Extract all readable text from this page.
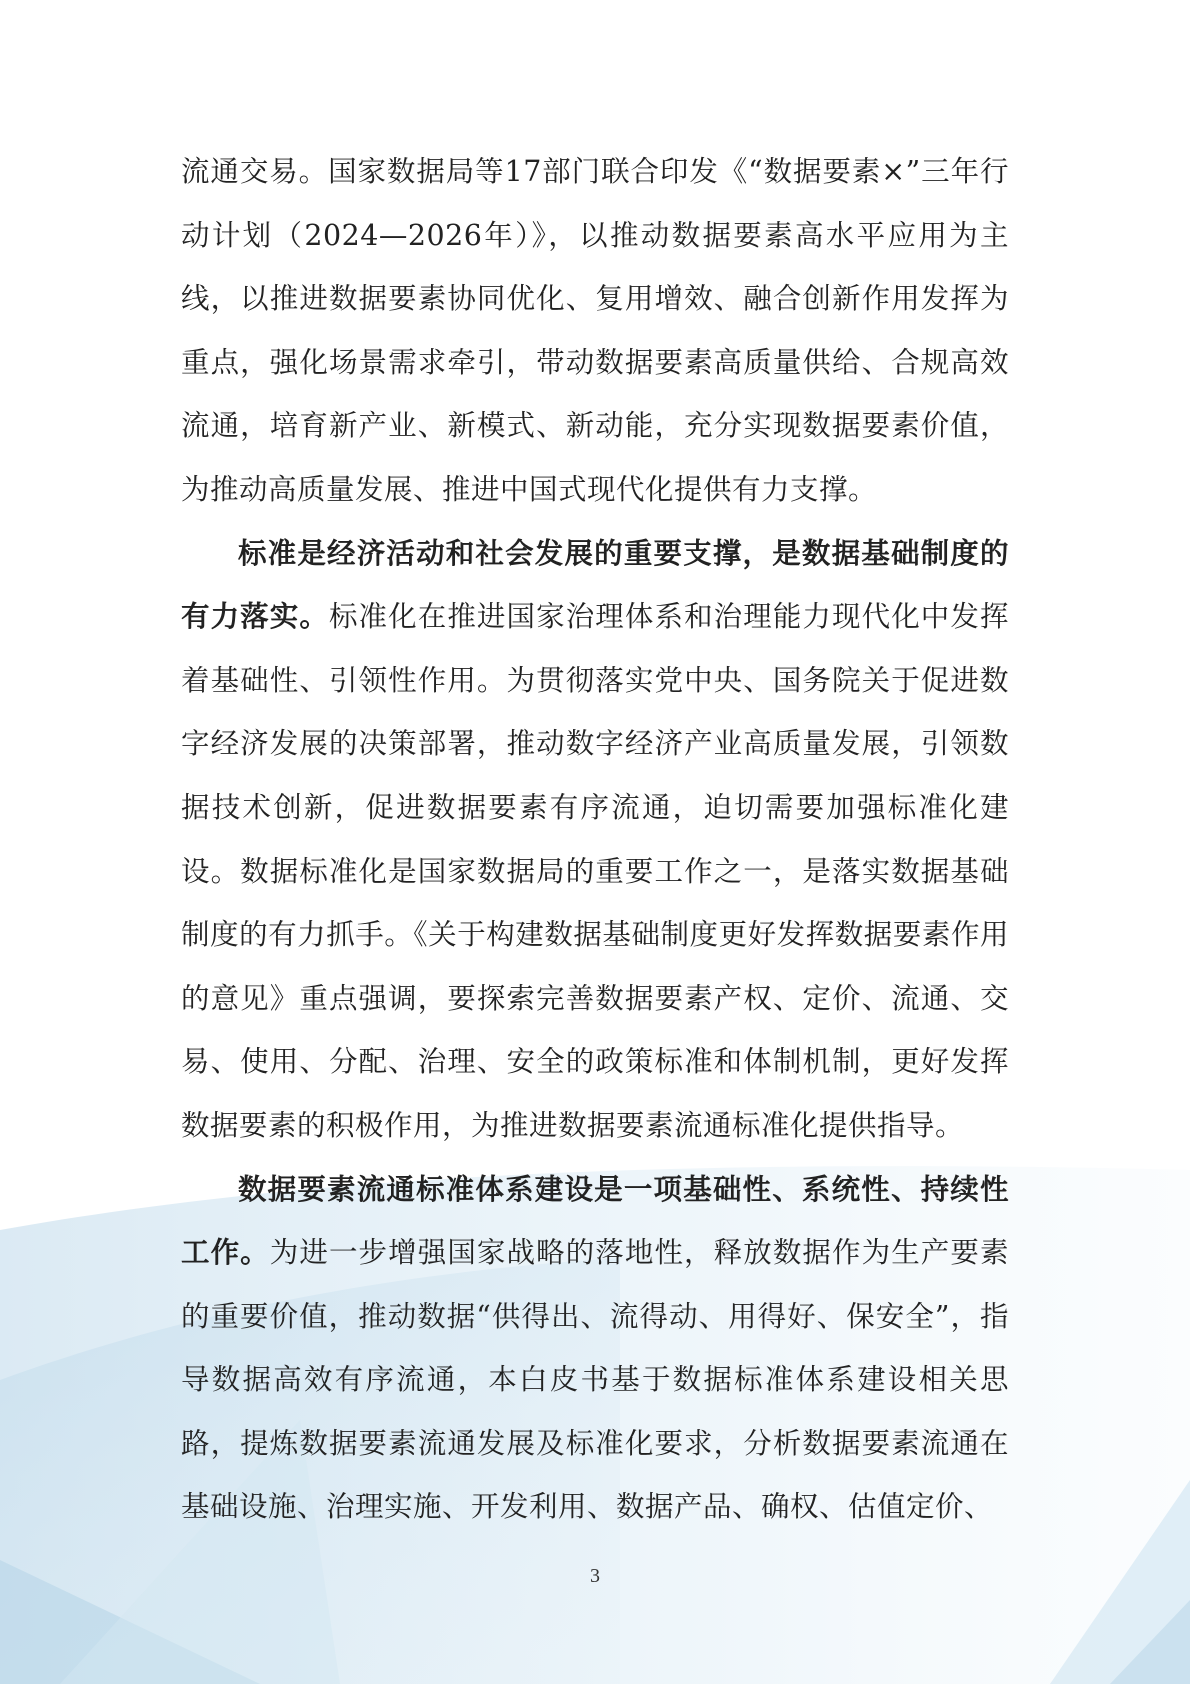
流通交易。国家数据局等17部门联合印发《“数据要素×”三年行动计划（2024—2026年）》，以推动数据要素高水平应用为主线，以推进数据要素协同优化、复用增效、融合创新作用发挥为重点，强化场景需求牵引，带动数据要素高质量供给、合规高效流通，培育新产业、新模式、新动能，充分实现数据要素价值，为推动高质量发展、推进中国式现代化提供有力支撑。

标准是经济活动和社会发展的重要支撑，是数据基础制度的有力落实。标准化在推进国家治理体系和治理能力现代化中发挥着基础性、引领性作用。为贯彻落实党中央、国务院关于促进数字经济发展的决策部署，推动数字经济产业高质量发展，引领数据技术创新，促进数据要素有序流通，迫切需要加强标准化建设。数据标准化是国家数据局的重要工作之一，是落实数据基础制度的有力抓手。《关于构建数据基础制度更好发挥数据要素作用的意见》重点强调，要探索完善数据要素产权、定价、流通、交易、使用、分配、治理、安全的政策标准和体制机制，更好发挥数据要素的积极作用，为推进数据要素流通标准化提供指导。

数据要素流通标准体系建设是一项基础性、系统性、持续性工作。为进一步增强国家战略的落地性，释放数据作为生产要素的重要价值，推动数据“供得出、流得动、用得好、保安全”，指导数据高效有序流通，本白皮书基于数据标准体系建设相关思路，提炼数据要素流通发展及标准化要求，分析数据要素流通在基础设施、治理实施、开发利用、数据产品、确权、估值定价、

3
